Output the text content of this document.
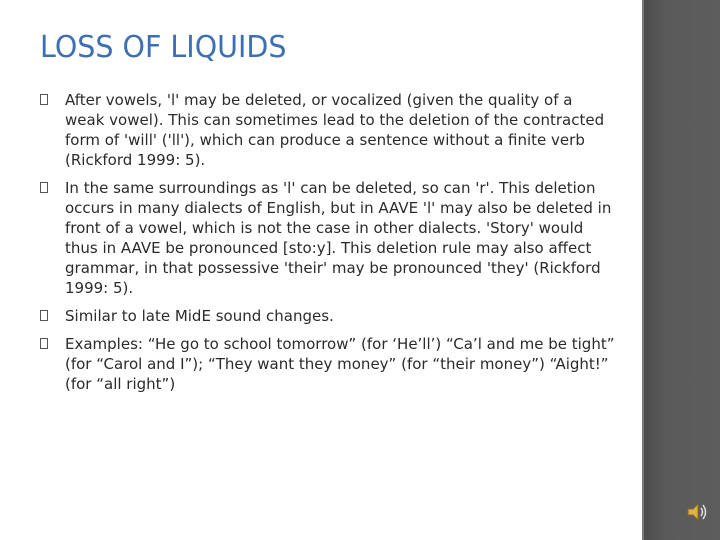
LOSS OF LIQUIDS
After vowels, 'l' may be deleted, or vocalized (given the quality of a weak vowel). This can sometimes lead to the deletion of the contracted form of 'will' ('ll'), which can produce a sentence without a finite verb (Rickford 1999: 5).
In the same surroundings as 'l' can be deleted, so can 'r'. This deletion occurs in many dialects of English, but in AAVE 'l' may also be deleted in front of a vowel, which is not the case in other dialects. 'Story' would thus in AAVE be pronounced [sto:y]. This deletion rule may also affect grammar, in that possessive 'their' may be pronounced 'they' (Rickford 1999: 5).
Similar to late MidE sound changes.
Examples: “He go to school tomorrow” (for ‘He’ll’) “Ca’l and me be tight” (for “Carol and I”); “They want they money” (for “their money”) “Aight!” (for “all right”)
